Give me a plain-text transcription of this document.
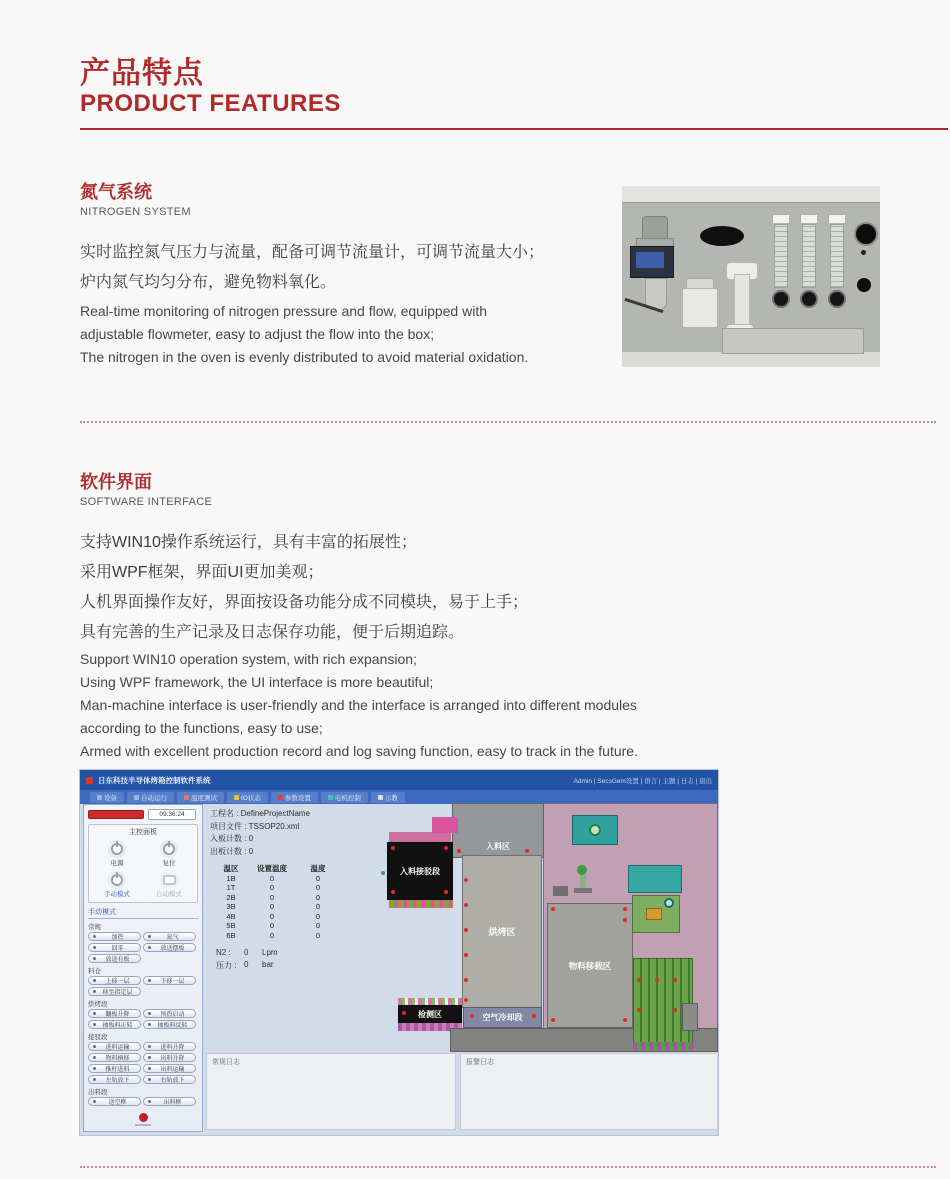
产品特点
PRODUCT FEATURES
氮气系统
NITROGEN SYSTEM
实时监控氮气压力与流量，配备可调节流量计，可调节流量大小；
炉内氮气均匀分布，避免物料氧化。
Real-time monitoring of nitrogen pressure and flow, equipped with
adjustable flowmeter, easy to adjust the flow into the box;
The nitrogen in the oven is evenly distributed to avoid material oxidation.
软件界面
SOFTWARE INTERFACE
支持WIN10操作系统运行，具有丰富的拓展性；
采用WPF框架，界面UI更加美观；
人机界面操作友好，界面按设备功能分成不同模块，易于上手；
具有完善的生产记录及日志保存功能，便于后期追踪。
Support WIN10 operation system, with rich expansion;
Using WPF framework, the UI interface is more beautiful;
Man-machine interface is user-friendly and the interface is arranged into different modules
according to the functions, easy to use;
Armed with excellent production record and log saving function, easy to track in the future.
日东科技半导体烤箱控制软件系统	Admin | SecsGem设置 | 语言 | 主题 | 日志 | 退出
设备	自动运行	温度测试	IO状态	参数设置	电机控制	示教
09:36:24
主控面板
电源	复位
手动模式	自动模式
手动模式
常规
加热	氮气
回零	放送摆板
放送有板
料仓
上移一层	下移一层
移至指定层
烘烤段
翻板升降	预热启动
抽板料正转	抽板料反转
接驳段
进料运输	进料升降
物料横移	出料升降
推杆进料	出料运输
左轨放下	右轨放下
出料段
送空框	出料框
工程名 : DefineProjectName
项目文件 : TSSOP20.xml
入板计数 : 0
出板计数 : 0
温区	设置温度	温度
1B	0	0
1T	0	0
2B	0	0
3B	0	0
4B	0	0
5B	0	0
6B	0	0
N2 :	0	Lpm
压力 : 0	bar
入料区
入料接驳段
烘烤区
空气冷却段
检测区
物料移载区
常规日志	报警日志
